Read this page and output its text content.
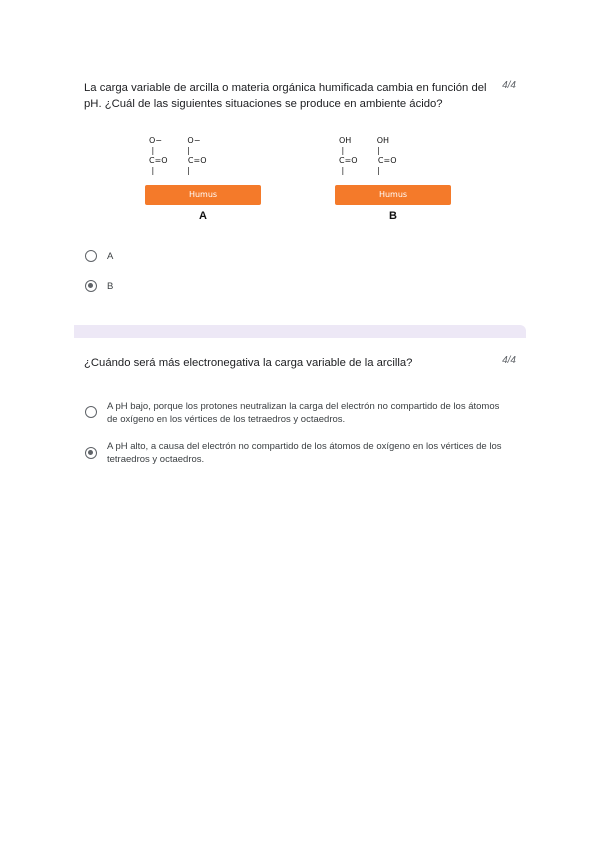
La carga variable de arcilla o materia orgánica humificada cambia en función del pH. ¿Cuál de las siguientes situaciones se produce en ambiente ácido?
4/4
O−          O−
|             |
C=O        C=O
|             |
Humus
A
OH          OH
|             |
C=O        C=O
|             |
Humus
B
A
B
¿Cuándo será más electronegativa la carga variable de la arcilla?	4/4
A pH bajo, porque los protones neutralizan la carga del electrón no compartido de los átomos de oxígeno en los vértices de los tetraedros y octaedros.
A pH alto, a causa del electrón no compartido de los átomos de oxígeno en los vértices de los tetraedros y octaedros.
